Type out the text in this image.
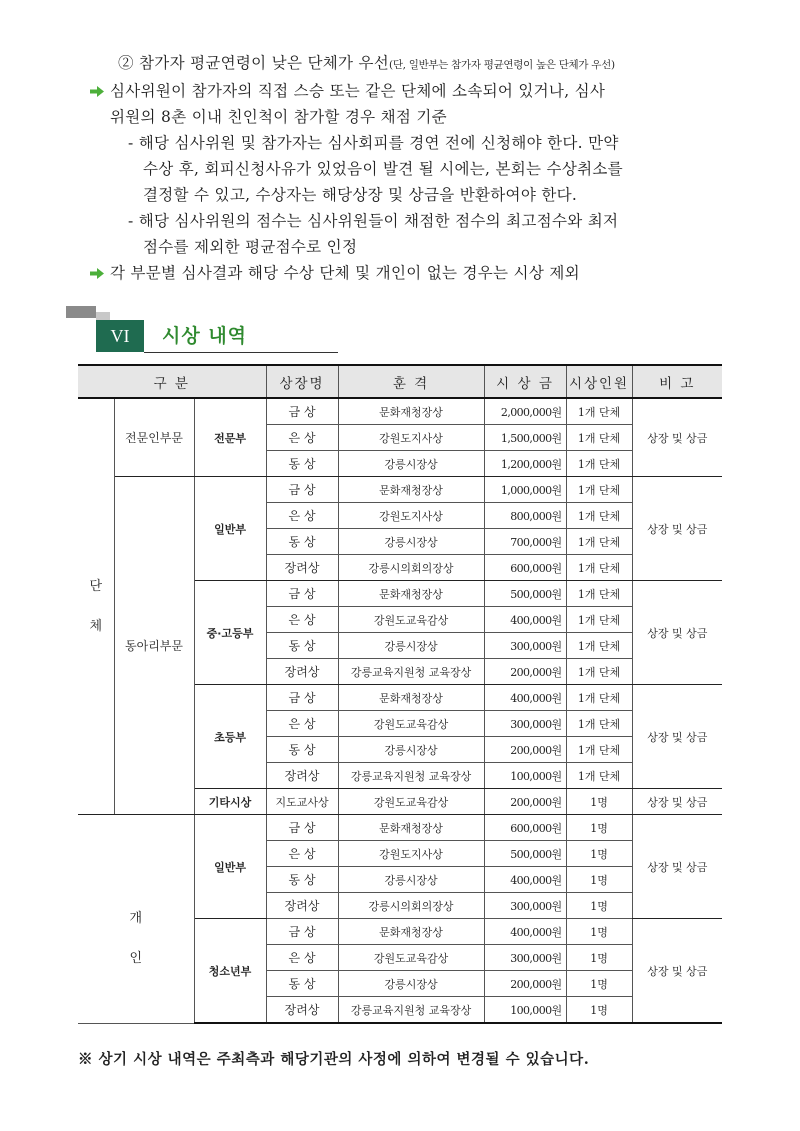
② 참가자 평균연령이 낮은 단체가 우선(단, 일반부는 참가자 평균연령이 높은 단체가 우선)
심사위원이 참가자의 직접 스승 또는 같은 단체에 소속되어 있거나, 심사
위원의 8촌 이내 친인척이 참가할 경우 채점 기준
- 해당 심사위원 및 참가자는 심사회피를 경연 전에 신청해야 한다. 만약
수상 후, 회피신청사유가 있었음이 발견 될 시에는, 본회는 수상취소를
결정할 수 있고, 수상자는 해당상장 및 상금을 반환하여야 한다.
- 해당 심사위원의 점수는 심사위원들이 채점한 점수의 최고점수와 최저
점수를 제외한 평균점수로 인정
각 부문별 심사결과 해당 수상 단체 및 개인이 없는 경우는 시상 제외
VI	시상 내역
구 분			상장명	훈 격	시 상 금	시상인원	비 고

단
체	전문인부문	전문부	금 상	문화재청장상	2,000,000원	1개 단체	상장 및 상금
			은 상	강원도지사상	1,500,000원	1개 단체	
			동 상	강릉시장상	1,200,000원	1개 단체	
	동아리부문	일반부	금 상	문화재청장상	1,000,000원	1개 단체	상장 및 상금
			은 상	강원도지사상	800,000원	1개 단체	
			동 상	강릉시장상	700,000원	1개 단체	
			장려상	강릉시의회의장상	600,000원	1개 단체	
		중·고등부	금 상	문화재청장상	500,000원	1개 단체	상장 및 상금
			은 상	강원도교육감상	400,000원	1개 단체	
			동 상	강릉시장상	300,000원	1개 단체	
			장려상	강릉교육지원청 교육장상	200,000원	1개 단체	
		초등부	금 상	문화재청장상	400,000원	1개 단체	상장 및 상금
			은 상	강원도교육감상	300,000원	1개 단체	
			동 상	강릉시장상	200,000원	1개 단체	
			장려상	강릉교육지원청 교육장상	100,000원	1개 단체	
		기타시상	지도교사상	강원도교육감상	200,000원	1명	상장 및 상금

개
인		일반부	금 상	문화재청장상	600,000원	1명	상장 및 상금
			은 상	강원도지사상	500,000원	1명	
			동 상	강릉시장상	400,000원	1명	
			장려상	강릉시의회의장상	300,000원	1명	
		청소년부	금 상	문화재청장상	400,000원	1명	상장 및 상금
			은 상	강원도교육감상	300,000원	1명	
			동 상	강릉시장상	200,000원	1명	
			장려상	강릉교육지원청 교육장상	100,000원	1명	
※ 상기 시상 내역은 주최측과 해당기관의 사정에 의하여 변경될 수 있습니다.
